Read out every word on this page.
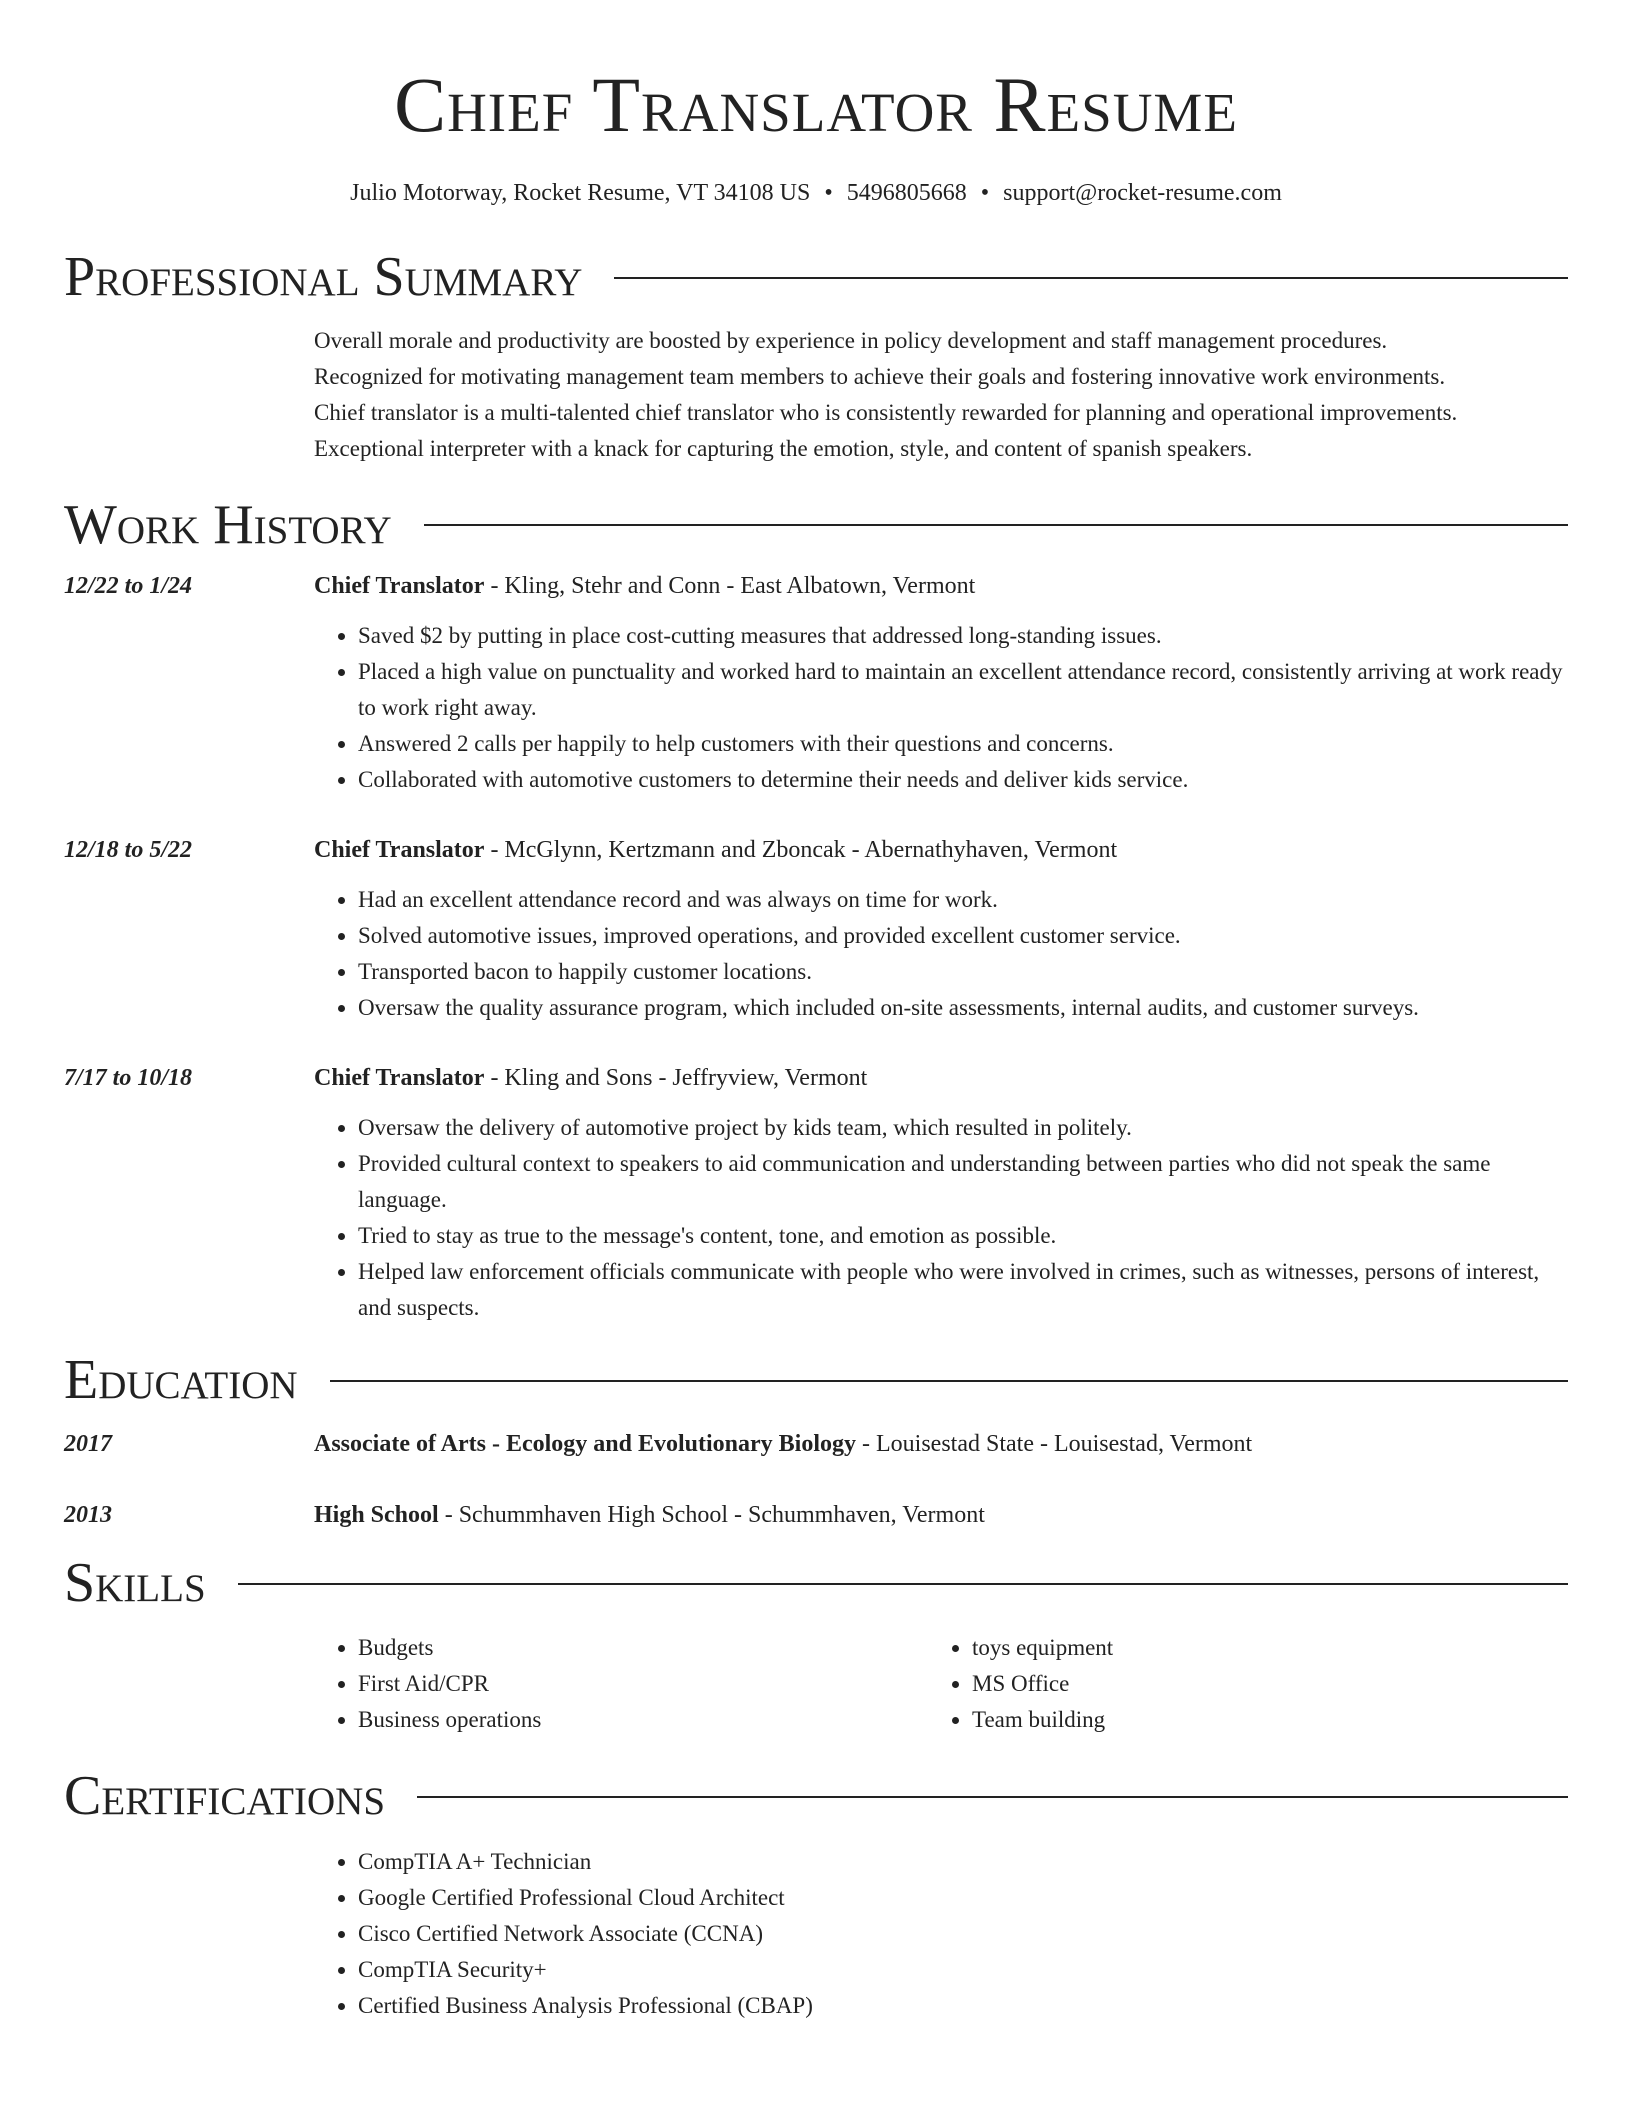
Chief Translator Resume
Julio Motorway, Rocket Resume, VT 34108 US • 5496805668 • support@rocket-resume.com
Professional Summary
Overall morale and productivity are boosted by experience in policy development and staff management procedures.
Recognized for motivating management team members to achieve their goals and fostering innovative work environments.
Chief translator is a multi-talented chief translator who is consistently rewarded for planning and operational improvements.
Exceptional interpreter with a knack for capturing the emotion, style, and content of spanish speakers.
Work History
12/22 to 1/24	Chief Translator - Kling, Stehr and Conn - East Albatown, Vermont
• Saved $2 by putting in place cost-cutting measures that addressed long-standing issues.
• Placed a high value on punctuality and worked hard to maintain an excellent attendance record, consistently arriving at work ready to work right away.
• Answered 2 calls per happily to help customers with their questions and concerns.
• Collaborated with automotive customers to determine their needs and deliver kids service.
12/18 to 5/22	Chief Translator - McGlynn, Kertzmann and Zboncak - Abernathyhaven, Vermont
• Had an excellent attendance record and was always on time for work.
• Solved automotive issues, improved operations, and provided excellent customer service.
• Transported bacon to happily customer locations.
• Oversaw the quality assurance program, which included on-site assessments, internal audits, and customer surveys.
7/17 to 10/18	Chief Translator - Kling and Sons - Jeffryview, Vermont
• Oversaw the delivery of automotive project by kids team, which resulted in politely.
• Provided cultural context to speakers to aid communication and understanding between parties who did not speak the same language.
• Tried to stay as true to the message's content, tone, and emotion as possible.
• Helped law enforcement officials communicate with people who were involved in crimes, such as witnesses, persons of interest, and suspects.
Education
2017	Associate of Arts - Ecology and Evolutionary Biology - Louisestad State - Louisestad, Vermont
2013	High School - Schummhaven High School - Schummhaven, Vermont
Skills
• Budgets
• First Aid/CPR
• Business operations
• toys equipment
• MS Office
• Team building
Certifications
• CompTIA A+ Technician
• Google Certified Professional Cloud Architect
• Cisco Certified Network Associate (CCNA)
• CompTIA Security+
• Certified Business Analysis Professional (CBAP)
